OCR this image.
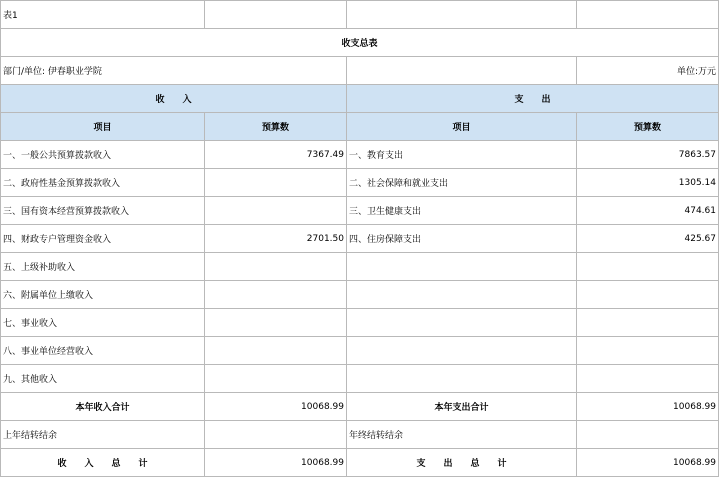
表1			
收支总表			
部门/单位: 伊春职业学院			单位:万元
收　　入		支　　出	
项目	预算数	项目	预算数
一、一般公共预算拨款收入	7367.49	一、教育支出	7863.57
二、政府性基金预算拨款收入		二、社会保障和就业支出	1305.14
三、国有资本经营预算拨款收入		三、卫生健康支出	474.61
四、财政专户管理资金收入	2701.50	四、住房保障支出	425.67
五、上级补助收入			
六、附属单位上缴收入			
七、事业收入			
八、事业单位经营收入			
九、其他收入			
本年收入合计	10068.99	本年支出合计	10068.99
上年结转结余		年终结转结余	
收　　入　　总　　计	10068.99	支　　出　　总　　计	10068.99
